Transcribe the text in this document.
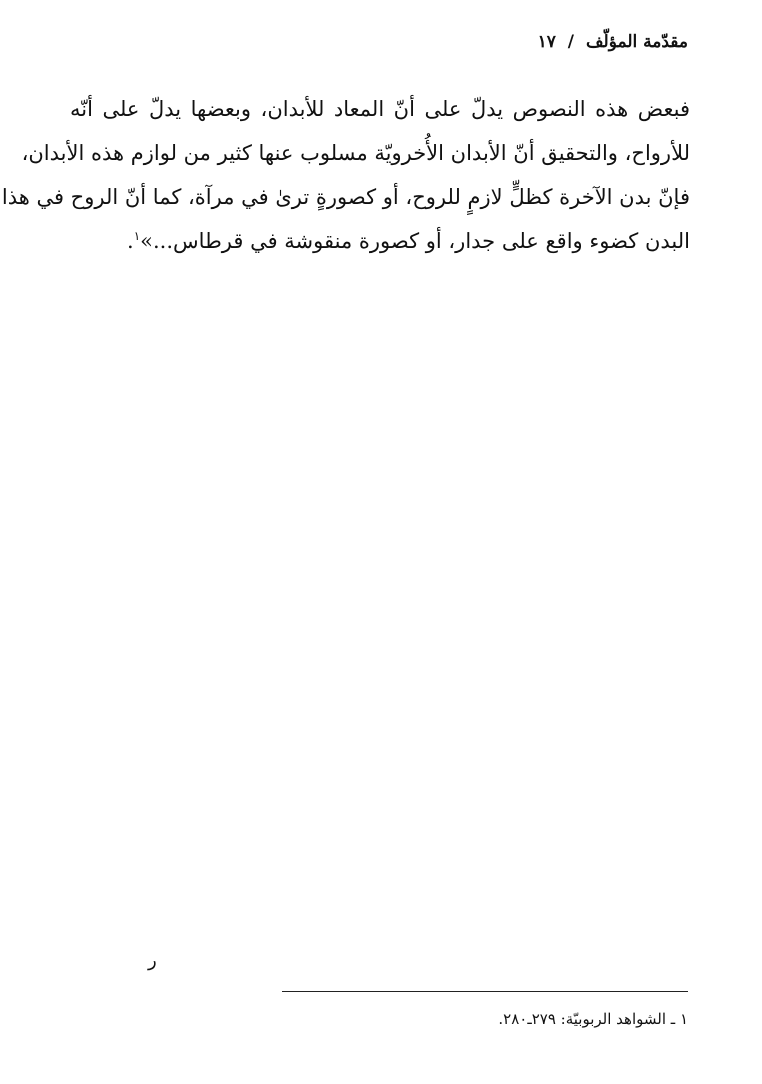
مقدّمة المؤلّف / ١٧
فبعض هذه النصوص يدلّ على أنّ المعاد للأبدان، وبعضها يدلّ على أنّه
للأرواح، والتحقيق أنّ الأبدان الأُخرويّة مسلوب عنها كثير من لوازم هذه الأبدان،
فإنّ بدن الآخرة كظلٍّ لازمٍ للروح، أو كصورةٍ ترىٰ في مرآة، كما أنّ الروح في هذا
البدن كضوء واقع على جدار، أو كصورة منقوشة في قرطاس...»$^١$.
ر
١ ـ الشواهد الربوبيّة: ٢٧٩ـ٢٨٠.
